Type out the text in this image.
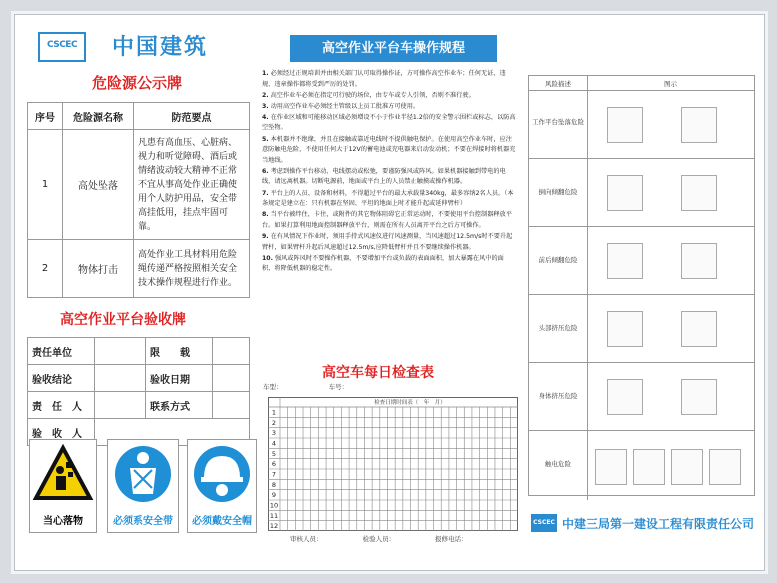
CSCEC	中国建筑
危险源公示牌
序号	危险源名称	防范要点
1	高处坠落	凡患有高血压、心脏病、视力和听觉障碍、酒后或情绪波动较大精神不正常不宜从事高处作业正确使用个人防护用品，安全带高挂低用，挂点牢固可靠。
2	物体打击	高处作业工具材料用危险绳传递严格按照相关安全技术操作规程进行作业。
高空作业平台验收牌
责任单位		限　　载	
验收结论		验收日期	
责　任　人		联系方式	
验　收　人			
当心落物	必须系安全带	必须戴安全帽
高空作业平台车操作规程
1. 必须经过正规培训并由相关部门认可取得操作证，方可操作高空作业车；任何无证、违规、违章操作都将受到严厉的处罚。
2. 高空作业车必须在指定可行驶的场位，由专车或专人引领，否则不准行驶。
3. 动用高空作业车必须经主管级以上员工批准方可使用。
4. 在作业区域和可能移动区域必须增设不小于作业半径1.2倍的安全警示围栏或标志，以防高空坠物。
5. 本机器并不绝缘，并且在接触或靠近电线时不提供触电保护。在使用高空作业车时，应注意防触电危险，不使用任何大于12V的蓄电池或充电器来启动发动机；不要在焊接时将机器充当地线。
6. 考虑到操作平台移动、电线摆动或松弛，要谨防强风或阵风。如果机器接触到带电的电线，请远离机器。切断电源前，地面或平台上的人员禁止触摸或操作机器。
7. 平台上的人员、设备和材料，不得超过平台的最大承载量340kg，最多容纳2名人员。（本条规定是建立在：只有机器在坚固、平坦的地面上时才能升起或延伸臂杆）
8. 当平台被绊住，卡住，或附件的其它物体阻碍它正常运动时，不要使用平台控制器释放平台。如果打算利用地面控制器释放平台，则需在所有人员离开平台之后方可操作。
9. 在有风情况下作业时，须用手持式风速仪进行风速测量，当风速超过12.5m/s时不要升起臂杆，如果臂杆升起后风速超过12.5m/s,应降低臂杆并且不要继续操作机器。
10. 强风或阵风时不要操作机器，不要增加平台或负载的表面面积，加大暴露在风中的面积，将降低机器的稳定性。
高空车每日检查表
车型：	车号：
检查日期时间表（　年　月）
1
2
3
4
5
6
7
8
9
10
11
12
审核人员：	检验人员：	报修电话：
风险描述	图示
工作平台坠落危险
倒向倾翻危险
前后倾翻危险
头部挤压危险
身体挤压危险
触电危险
CSCEC 中建三局第一建设工程有限责任公司
